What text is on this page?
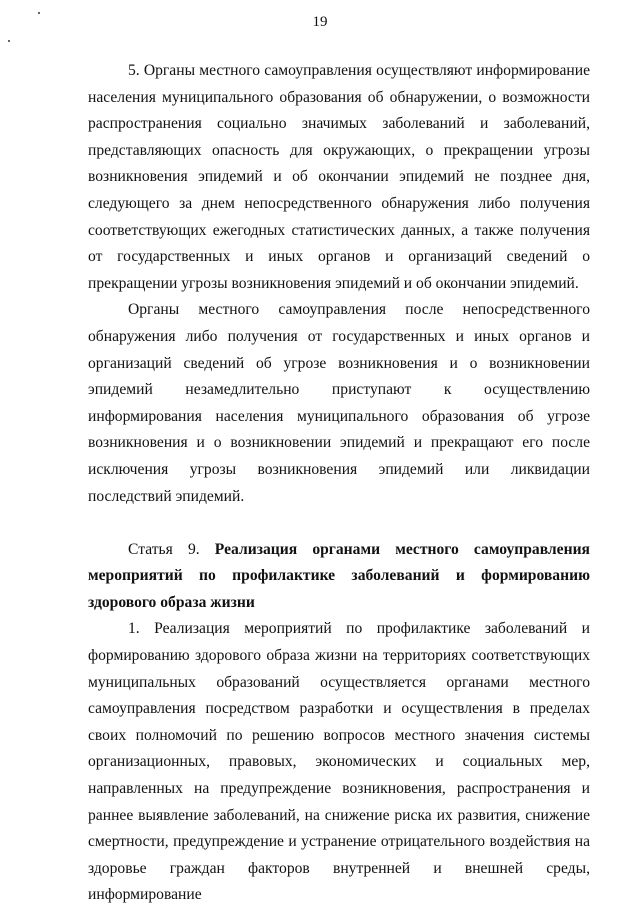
19

5. Органы местного самоуправления осуществляют информирование населения муниципального образования об обнаружении, о возможности распространения социально значимых заболеваний и заболеваний, представляющих опасность для окружающих, о прекращении угрозы возникновения эпидемий и об окончании эпидемий не позднее дня, следующего за днем непосредственного обнаружения либо получения соответствующих ежегодных статистических данных, а также получения от государственных и иных органов и организаций сведений о прекращении угрозы возникновения эпидемий и об окончании эпидемий.

Органы местного самоуправления после непосредственного обнаружения либо получения от государственных и иных органов и организаций сведений об угрозе возникновения и о возникновении эпидемий незамедлительно приступают к осуществлению информирования населения муниципального образования об угрозе возникновения и о возникновении эпидемий и прекращают его после исключения угрозы возникновения эпидемий или ликвидации последствий эпидемий.

Статья 9. Реализация органами местного самоуправления мероприятий по профилактике заболеваний и формированию здорового образа жизни

1. Реализация мероприятий по профилактике заболеваний и формированию здорового образа жизни на территориях соответствующих муниципальных образований осуществляется органами местного самоуправления посредством разработки и осуществления в пределах своих полномочий по решению вопросов местного значения системы организационных, правовых, экономических и социальных мер, направленных на предупреждение возникновения, распространения и раннее выявление заболеваний, на снижение риска их развития, снижение смертности, предупреждение и устранение отрицательного воздействия на здоровье граждан факторов внутренней и внешней среды, информирование
